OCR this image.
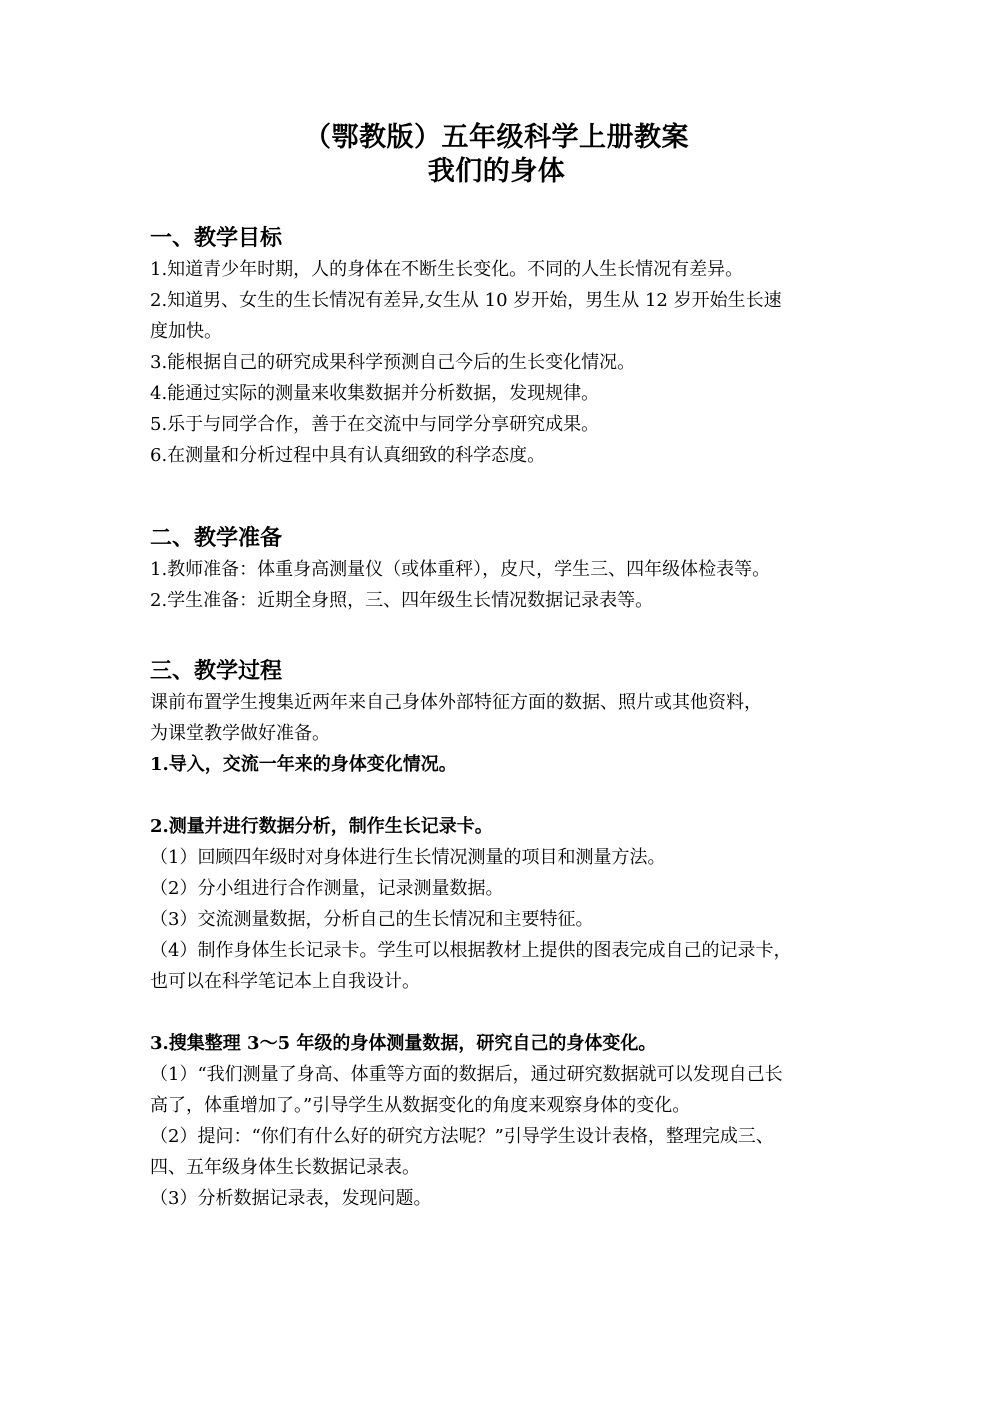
（鄂教版）五年级科学上册教案
我们的身体

一、教学目标

1.知道青少年时期，人的身体在不断生长变化。不同的人生长情况有差异。

2.知道男、女生的生长情况有差异,女生从 10 岁开始，男生从 12 岁开始生长速

度加快。

3.能根据自己的研究成果科学预测自己今后的生长变化情况。

4.能通过实际的测量来收集数据并分析数据，发现规律。

5.乐于与同学合作，善于在交流中与同学分享研究成果。

6.在测量和分析过程中具有认真细致的科学态度。

二、教学准备

1.教师准备：体重身高测量仪（或体重秤），皮尺，学生三、四年级体检表等。

2.学生准备：近期全身照，三、四年级生长情况数据记录表等。

三、教学过程

课前布置学生搜集近两年来自己身体外部特征方面的数据、照片或其他资料，

为课堂教学做好准备。

1.导入，交流一年来的身体变化情况。

2.测量并进行数据分析，制作生长记录卡。

（1）回顾四年级时对身体进行生长情况测量的项目和测量方法。

（2）分小组进行合作测量，记录测量数据。

（3）交流测量数据，分析自己的生长情况和主要特征。

（4）制作身体生长记录卡。学生可以根据教材上提供的图表完成自己的记录卡，

也可以在科学笔记本上自我设计。

3.搜集整理 3～5 年级的身体测量数据，研究自己的身体变化。

（1）“我们测量了身高、体重等方面的数据后，通过研究数据就可以发现自己长

高了，体重增加了。”引导学生从数据变化的角度来观察身体的变化。

（2）提问：“你们有什么好的研究方法呢？”引导学生设计表格，整理完成三、

四、五年级身体生长数据记录表。

（3）分析数据记录表，发现问题。
